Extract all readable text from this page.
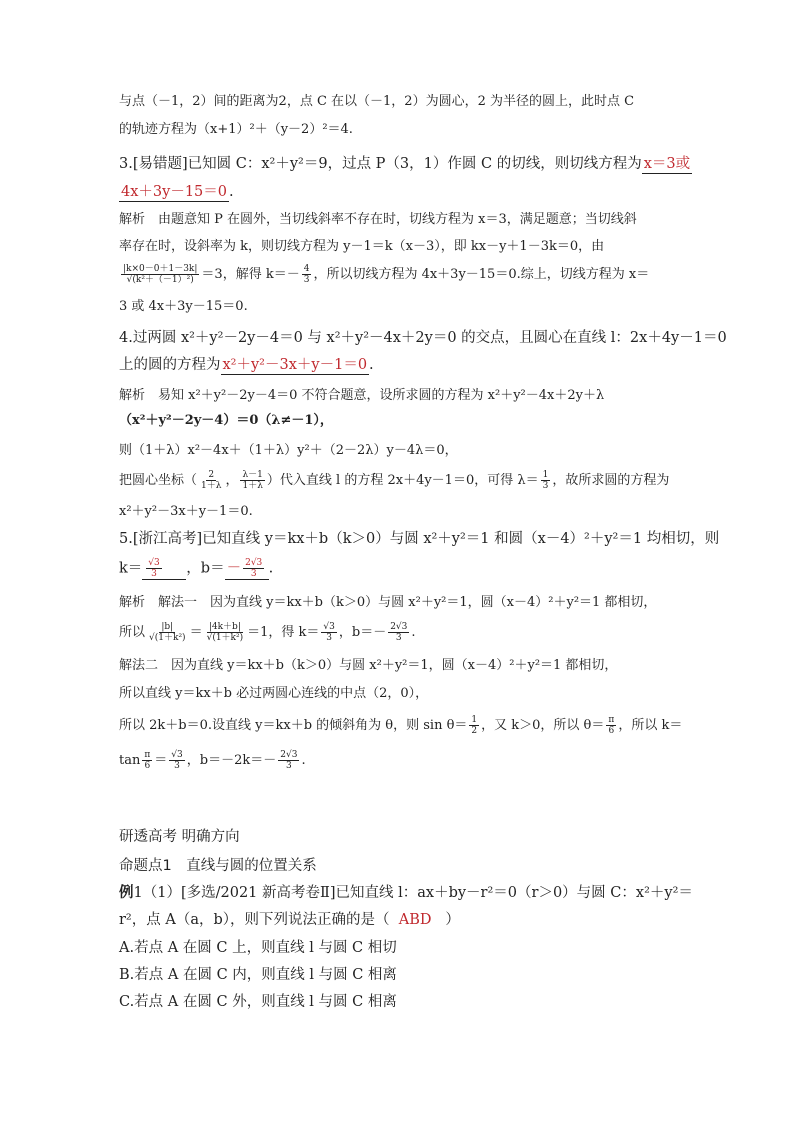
与点（－1，2）间的距离为2，点 C 在以（－1，2）为圆心，2 为半径的圆上，此时点 C
的轨迹方程为（x+1）²＋（y－2）²＝4.
3.[易错题]已知圆 C：x²＋y²＝9，过点 P（3，1）作圆 C 的切线，则切线方程为 x＝3或
4x＋3y－15＝0 .
解析　由题意知 P 在圆外，当切线斜率不存在时，切线方程为 x＝3，满足题意；当切线斜
率存在时，设斜率为 k，则切线方程为 y－1＝k（x－3），即 kx－y＋1－3k＝0，由
$\frac{|k\times 0-0+1-3k|}{\text{√(k²＋（－1）²)}} =3$，解得 $k=- \frac{4}{3}$ ，所以切线方程为 4x＋3y－15＝0.综上，切线方程为 x＝
3 或 4x＋3y－15＝0.
4.过两圆 x²＋y²－2y－4＝0 与 x²＋y²－4x＋2y＝0 的交点，且圆心在直线 l：2x＋4y－1＝0
上的圆的方程为 x²＋y²－3x＋y－1＝0 .
解析　易知 x²＋y²－2y－4＝0 不符合题意，设所求圆的方程为 x²＋y²－4x＋2y＋λ
（x²＋y²－2y－4）＝0（λ≠－1），
则（1＋λ）x²－4x＋（1＋λ）y²＋（2－2λ）y－4λ＝0，
把圆心坐标（ $\frac{2}{1+\lambda}$ ， $\frac{\lambda-1}{1+\lambda}$ ）代入直线 l 的方程 2x＋4y－1＝0，可得 $\lambda= \frac{1}{3}$ ，故所求圆的方程为
x²＋y²－3x＋y－1＝0.
5.[浙江高考]已知直线 y＝kx＋b（k＞0）与圆 x²＋y²＝1 和圆（x－4）²＋y²＝1 均相切，则
$k= \frac{√3}{3}$ ，$b= - \frac{2√3}{3}$ .
解析　解法一　因为直线 y＝kx＋b（k＞0）与圆 x²＋y²＝1，圆（x－4）²＋y²＝1 都相切，
所以 $\frac{|b|}{\text{√(1＋k²)}} = \frac{|4k+b|}{\text{√(1＋k²)}} =1$，得 $k= \frac{√3}{3}$ ，$b=- \frac{2√3}{3}$ .
解法二　因为直线 y＝kx＋b（k＞0）与圆 x²＋y²＝1，圆（x－4）²＋y²＝1 都相切，
所以直线 y＝kx＋b 必过两圆心连线的中点（2，0），
所以 2k＋b＝0.设直线 y＝kx＋b 的倾斜角为 θ，则 $\sin \theta= \frac{1}{2}$ ，又 k＞0，所以 $\theta= \frac{\pi}{6}$ ，所以 k＝
$\tan \frac{\pi}{6} = \frac{√3}{3}$ ，$b=-2k=- \frac{2√3}{3}$ .
研透高考 明确方向
命题点1　直线与圆的位置关系
例1（1）[多选/2021 新高考卷Ⅱ]已知直线 l：ax＋by－r²＝0（r＞0）与圆 C：x²＋y²＝
r²，点 A（a，b），则下列说法正确的是（ ABD ）
A.若点 A 在圆 C 上，则直线 l 与圆 C 相切
B.若点 A 在圆 C 内，则直线 l 与圆 C 相离
C.若点 A 在圆 C 外，则直线 l 与圆 C 相离
